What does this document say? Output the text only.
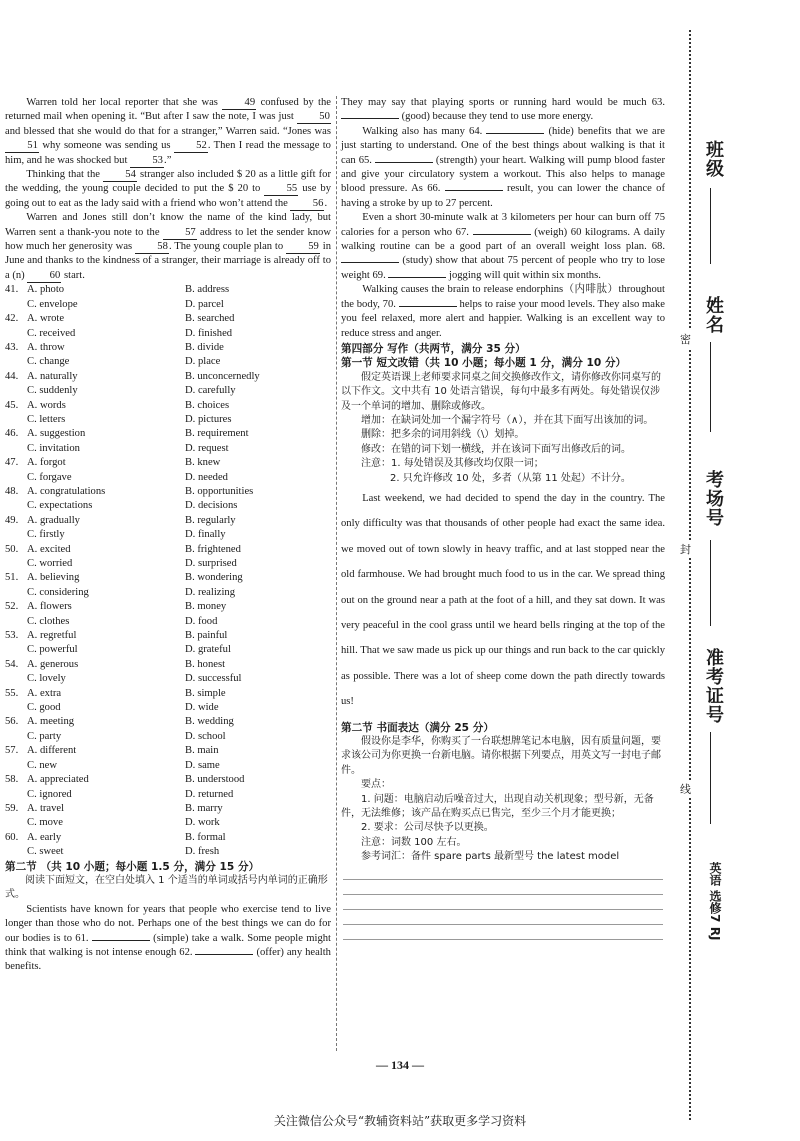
Warren told her local reporter that she was 49 confused by the returned mail when opening it. “But after I saw the note, I was just 50 and blessed that she would do that for a stranger,” Warren said. “Jones was 51 why someone was sending us 52. Then I read the message to him, and he was shocked but 53.”

Thinking that the 54 stranger also included $ 20 as a little gift for the wedding, the young couple decided to put the $ 20 to 55 use by going out to eat as the lady said with a friend who won’t attend the 56.

Warren and Jones still don’t know the name of the kind lady, but Warren sent a thank-you note to the 57 address to let the sender know how much her generosity was 58. The young couple plan to 59 in June and thanks to the kindness of a stranger, their marriage is already off to a (n) 60 start.

41. A. photo	B. address
C. envelope	D. parcel
42. A. wrote	B. searched
C. received	D. finished
43. A. throw	B. divide
C. change	D. place
44. A. naturally	B. unconcernedly
C. suddenly	D. carefully
45. A. words	B. choices
C. letters	D. pictures
46. A. suggestion	B. requirement
C. invitation	D. request
47. A. forgot	B. knew
C. forgave	D. needed
48. A. congratulations	B. opportunities
C. expectations	D. decisions
49. A. gradually	B. regularly
C. firstly	D. finally
50. A. excited	B. frightened
C. worried	D. surprised
51. A. believing	B. wondering
C. considering	D. realizing
52. A. flowers	B. money
C. clothes	D. food
53. A. regretful	B. painful
C. powerful	D. grateful
54. A. generous	B. honest
C. lovely	D. successful
55. A. extra	B. simple
C. good	D. wide
56. A. meeting	B. wedding
C. party	D. school
57. A. different	B. main
C. new	D. same
58. A. appreciated	B. understood
C. ignored	D. returned
59. A. travel	B. marry
C. move	D. work
60. A. early	B. formal
C. sweet	D. fresh

第二节 （共 10 小题；每小题 1.5 分，满分 15 分）

阅读下面短文，在空白处填入 1 个适当的单词或括号内单词的正确形式。

Scientists have known for years that people who exercise tend to live longer than those who do not. Perhaps one of the best things we can do for our bodies is to 61.	(simple) take a walk. Some people might think that walking is not intense enough 62.	(offer) any health benefits.

They may say that playing sports or running hard would be much 63.  (good) because they tend to use more energy.

Walking also has many 64.	(hide) benefits that we are just starting to understand. One of the best things about walking is that it can 65.	(strength) your heart. Walking will pump blood faster and give your circulatory system a workout. This also helps to manage blood pressure. As 66.	result, you can lower the chance of having a stroke by up to 27 percent.

Even a short 30-minute walk at 3 kilometers per hour can burn off 75 calories for a person who 67.	(weigh) 60 kilograms. A daily walking routine can be a good part of an overall weight loss plan. 68.  (study) show that about 75 percent of people who try to lose weight 69.	jogging will quit within six months.

Walking causes the brain to release endorphins（内啡肽）throughout the body, 70.	helps to raise your mood levels. They also make you feel relaxed, more alert and happier. Walking is an excellent way to reduce stress and anger.

第四部分 写作（共两节，满分 35 分）

第一节 短文改错（共 10 小题；每小题 1 分，满分 10 分）

假定英语课上老师要求同桌之间交换修改作文，请你修改你同桌写的以下作文。文中共有 10 处语言错误，每句中最多有两处。每处错误仅涉及一个单词的增加、删除或修改。

增加：在缺词处加一个漏字符号（∧），并在其下面写出该加的词。

删除：把多余的词用斜线（\）划掉。

修改：在错的词下划一横线，并在该词下面写出修改后的词。

注意：1. 每处错误及其修改均仅限一词；

2. 只允许修改 10 处，多者（从第 11 处起）不计分。

Last weekend, we had decided to spend the day in the country. The only difficulty was that thousands of other people had exact the same idea. we moved out of town slowly in heavy traffic, and at last stopped near the old farmhouse. We had brought much food to us in the car. We spread thing out on the ground near a path at the foot of a hill, and they sat down. It was very peaceful in the cool grass until we heard bells ringing at the top of the hill. That we saw made us pick up our things and run back to the car quickly as possible. There was a lot of sheep come down the path directly towards us!

第二节 书面表达（满分 25 分）

假设你是李华，你购买了一台联想牌笔记本电脑，因有质量问题，要求该公司为你更换一台新电脑。请你根据下列要点，用英文写一封电子邮件。

要点：

1. 问题：电脑启动后噪音过大，出现自动关机现象；型号新，无备件，无法维修；该产品在购买点已售完，至少三个月才能更换；

2. 要求：公司尽快予以更换。

注意：词数 100 左右。

参考词汇：备件 spare parts 最新型号 the latest model

— 134 —
关注微信公众号“教辅资料站”获取更多学习资料
班级
密
姓名
考场号
封
准考证号
线
英语 选修7 RJ
